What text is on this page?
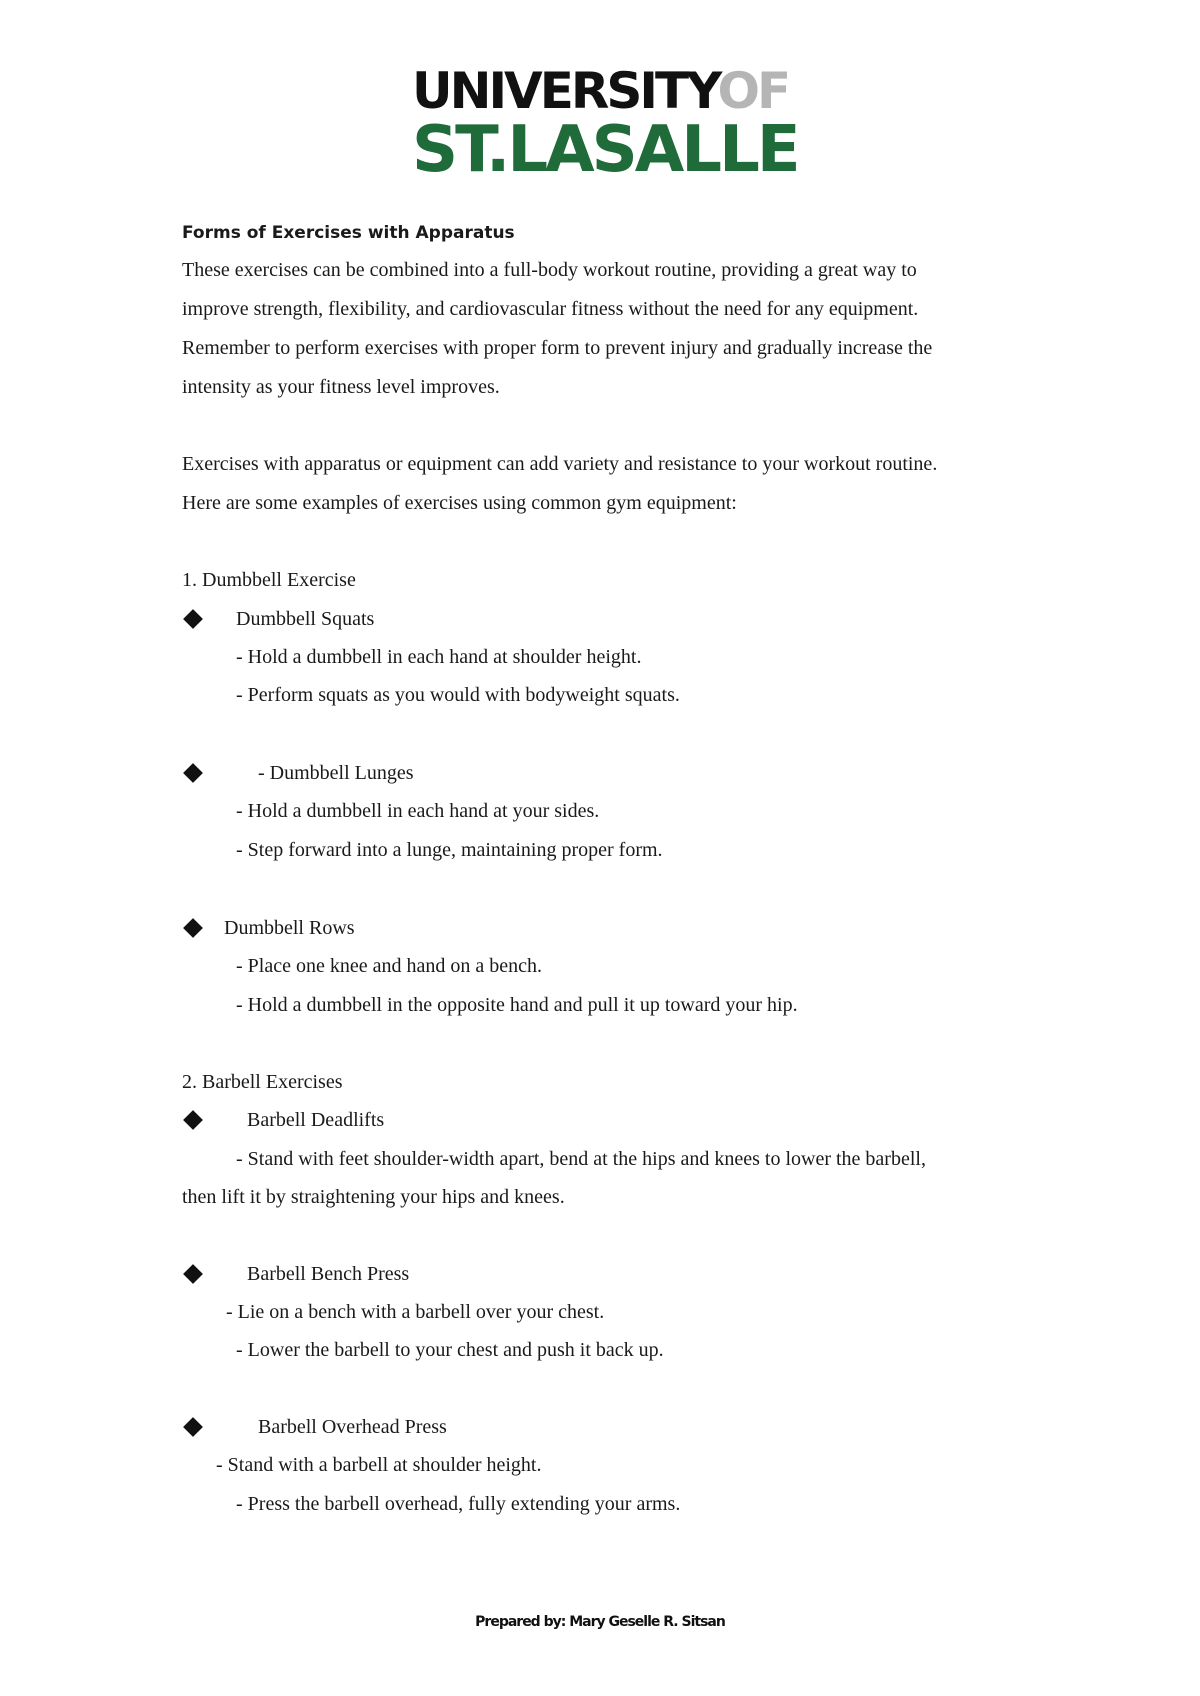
UNIVERSITYOF
ST.LASALLE
Forms of Exercises with Apparatus
These exercises can be combined into a full-body workout routine, providing a great way to
improve strength, flexibility, and cardiovascular fitness without the need for any equipment.
Remember to perform exercises with proper form to prevent injury and gradually increase the
intensity as your fitness level improves.
Exercises with apparatus or equipment can add variety and resistance to your workout routine.
Here are some examples of exercises using common gym equipment:
1. Dumbbell Exercise
Dumbbell Squats
- Hold a dumbbell in each hand at shoulder height.
- Perform squats as you would with bodyweight squats.
- Dumbbell Lunges
- Hold a dumbbell in each hand at your sides.
- Step forward into a lunge, maintaining proper form.
Dumbbell Rows
- Place one knee and hand on a bench.
- Hold a dumbbell in the opposite hand and pull it up toward your hip.
2. Barbell Exercises
Barbell Deadlifts
- Stand with feet shoulder-width apart, bend at the hips and knees to lower the barbell,
then lift it by straightening your hips and knees.
Barbell Bench Press
- Lie on a bench with a barbell over your chest.
- Lower the barbell to your chest and push it back up.
Barbell Overhead Press
- Stand with a barbell at shoulder height.
- Press the barbell overhead, fully extending your arms.
Prepared by: Mary Geselle R. Sitsan
